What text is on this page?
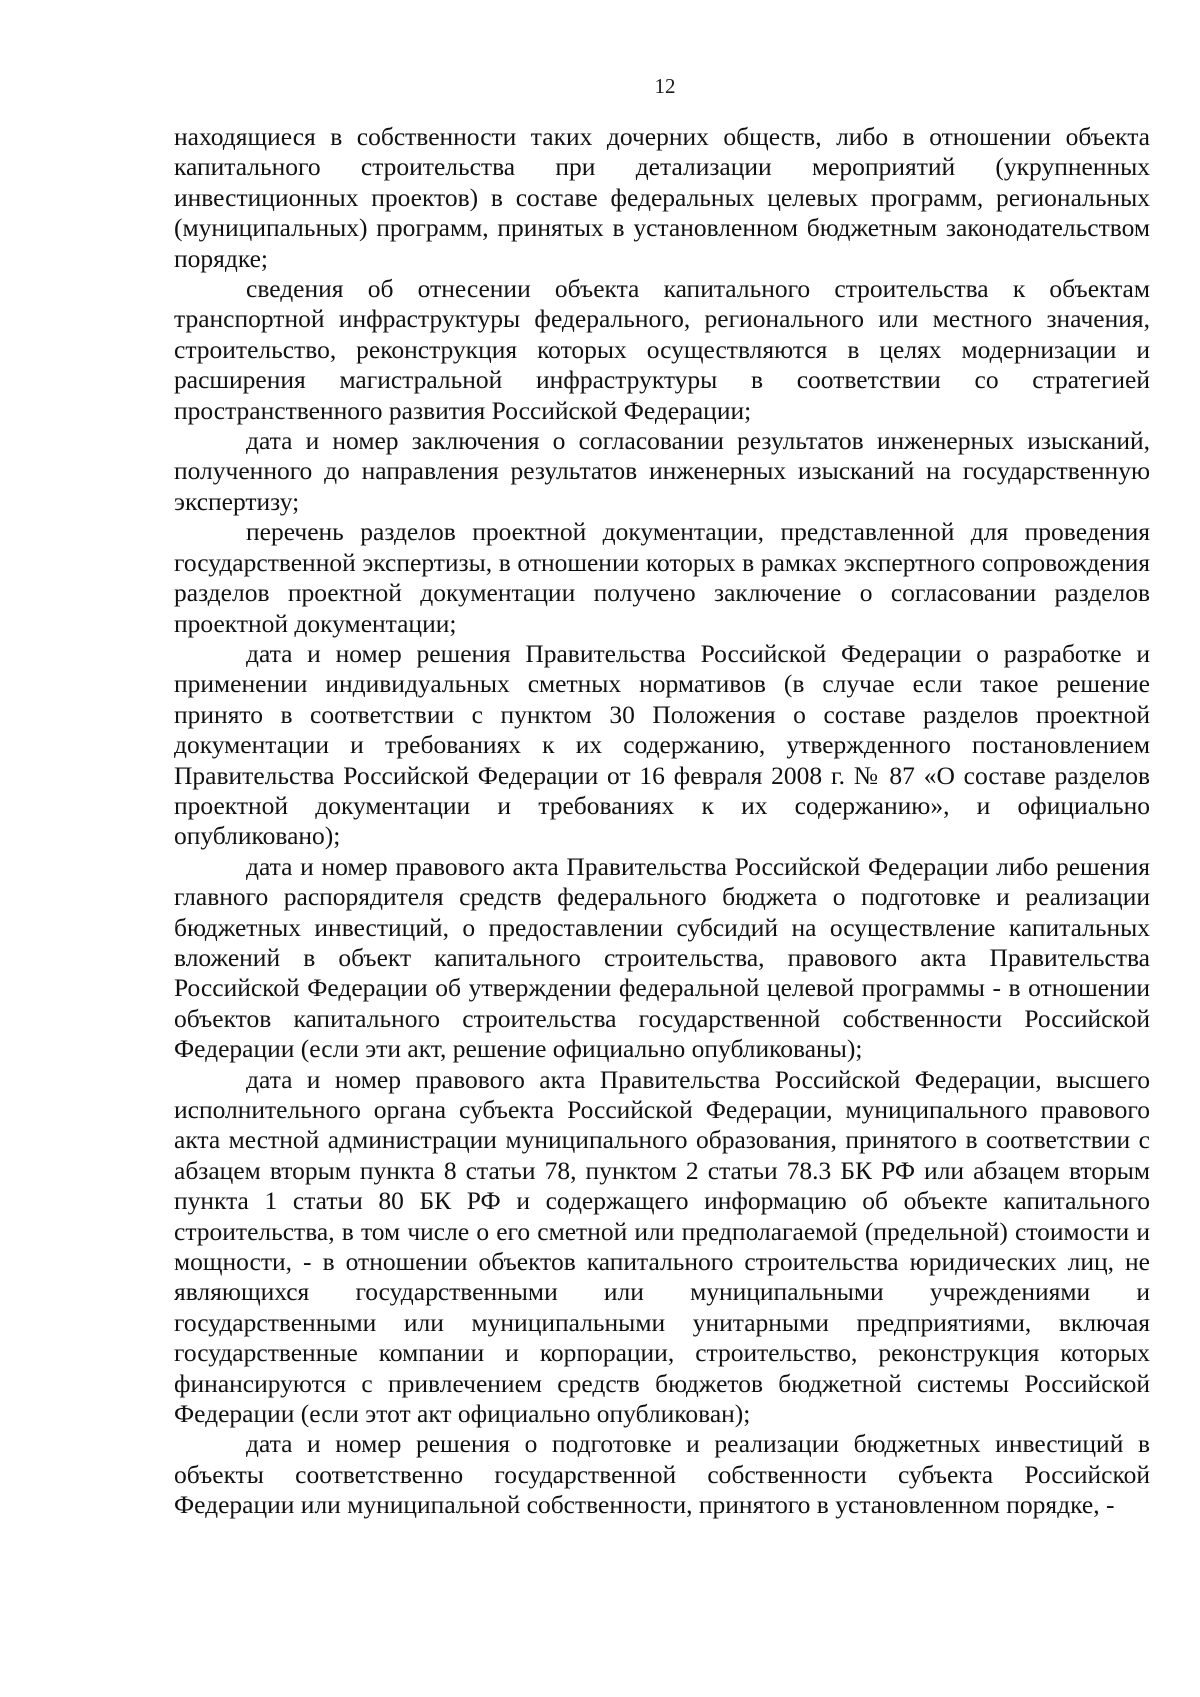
12

находящиеся в собственности таких дочерних обществ, либо в отношении объекта капитального строительства при детализации мероприятий (укрупненных инвестиционных проектов) в составе федеральных целевых программ, региональных (муниципальных) программ, принятых в установленном бюджетным законодательством порядке;

сведения об отнесении объекта капитального строительства к объектам транспортной инфраструктуры федерального, регионального или местного значения, строительство, реконструкция которых осуществляются в целях модернизации и расширения магистральной инфраструктуры в соответствии со стратегией пространственного развития Российской Федерации;

дата и номер заключения о согласовании результатов инженерных изысканий, полученного до направления результатов инженерных изысканий на государственную экспертизу;

перечень разделов проектной документации, представленной для проведения государственной экспертизы, в отношении которых в рамках экспертного сопровождения разделов проектной документации получено заключение о согласовании разделов проектной документации;

дата и номер решения Правительства Российской Федерации о разработке и применении индивидуальных сметных нормативов (в случае если такое решение принято в соответствии с пунктом 30 Положения о составе разделов проектной документации и требованиях к их содержанию, утвержденного постановлением Правительства Российской Федерации от 16 февраля 2008 г. № 87 «О составе разделов проектной документации и требованиях к их содержанию», и официально опубликовано);

дата и номер правового акта Правительства Российской Федерации либо решения главного распорядителя средств федерального бюджета о подготовке и реализации бюджетных инвестиций, о предоставлении субсидий на осуществление капитальных вложений в объект капитального строительства, правового акта Правительства Российской Федерации об утверждении федеральной целевой программы - в отношении объектов капитального строительства государственной собственности Российской Федерации (если эти акт, решение официально опубликованы);

дата и номер правового акта Правительства Российской Федерации, высшего исполнительного органа субъекта Российской Федерации, муниципального правового акта местной администрации муниципального образования, принятого в соответствии с абзацем вторым пункта 8 статьи 78, пунктом 2 статьи 78.3 БК РФ или абзацем вторым пункта 1 статьи 80 БК РФ и содержащего информацию об объекте капитального строительства, в том числе о его сметной или предполагаемой (предельной) стоимости и мощности, - в отношении объектов капитального строительства юридических лиц, не являющихся государственными или муниципальными учреждениями и государственными или муниципальными унитарными предприятиями, включая государственные компании и корпорации, строительство, реконструкция которых финансируются с привлечением средств бюджетов бюджетной системы Российской Федерации (если этот акт официально опубликован);

дата и номер решения о подготовке и реализации бюджетных инвестиций в объекты соответственно государственной собственности субъекта Российской Федерации или муниципальной собственности, принятого в установленном порядке, -
